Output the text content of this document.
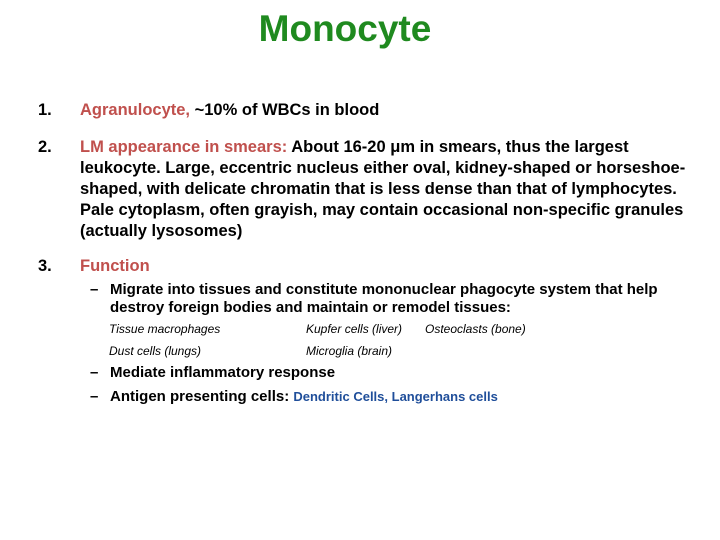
Monocyte
1.	Agranulocyte, ~10% of WBCs in blood
2.	LM appearance in smears: About 16-20 μm in smears, thus the largest leukocyte. Large, eccentric nucleus either oval, kidney-shaped or horseshoe-shaped, with delicate chromatin that is less dense than that of lymphocytes. Pale cytoplasm, often grayish, may contain occasional non-specific granules (actually lysosomes)
3.	Function
– Migrate into tissues and constitute mononuclear phagocyte system that help destroy foreign bodies and maintain or remodel tissues:
Tissue macrophages	Kupfer cells (liver) Osteoclasts (bone)
Dust cells (lungs)	Microglia (brain)
– Mediate inflammatory response
– Antigen presenting cells: Dendritic Cells, Langerhans cells
